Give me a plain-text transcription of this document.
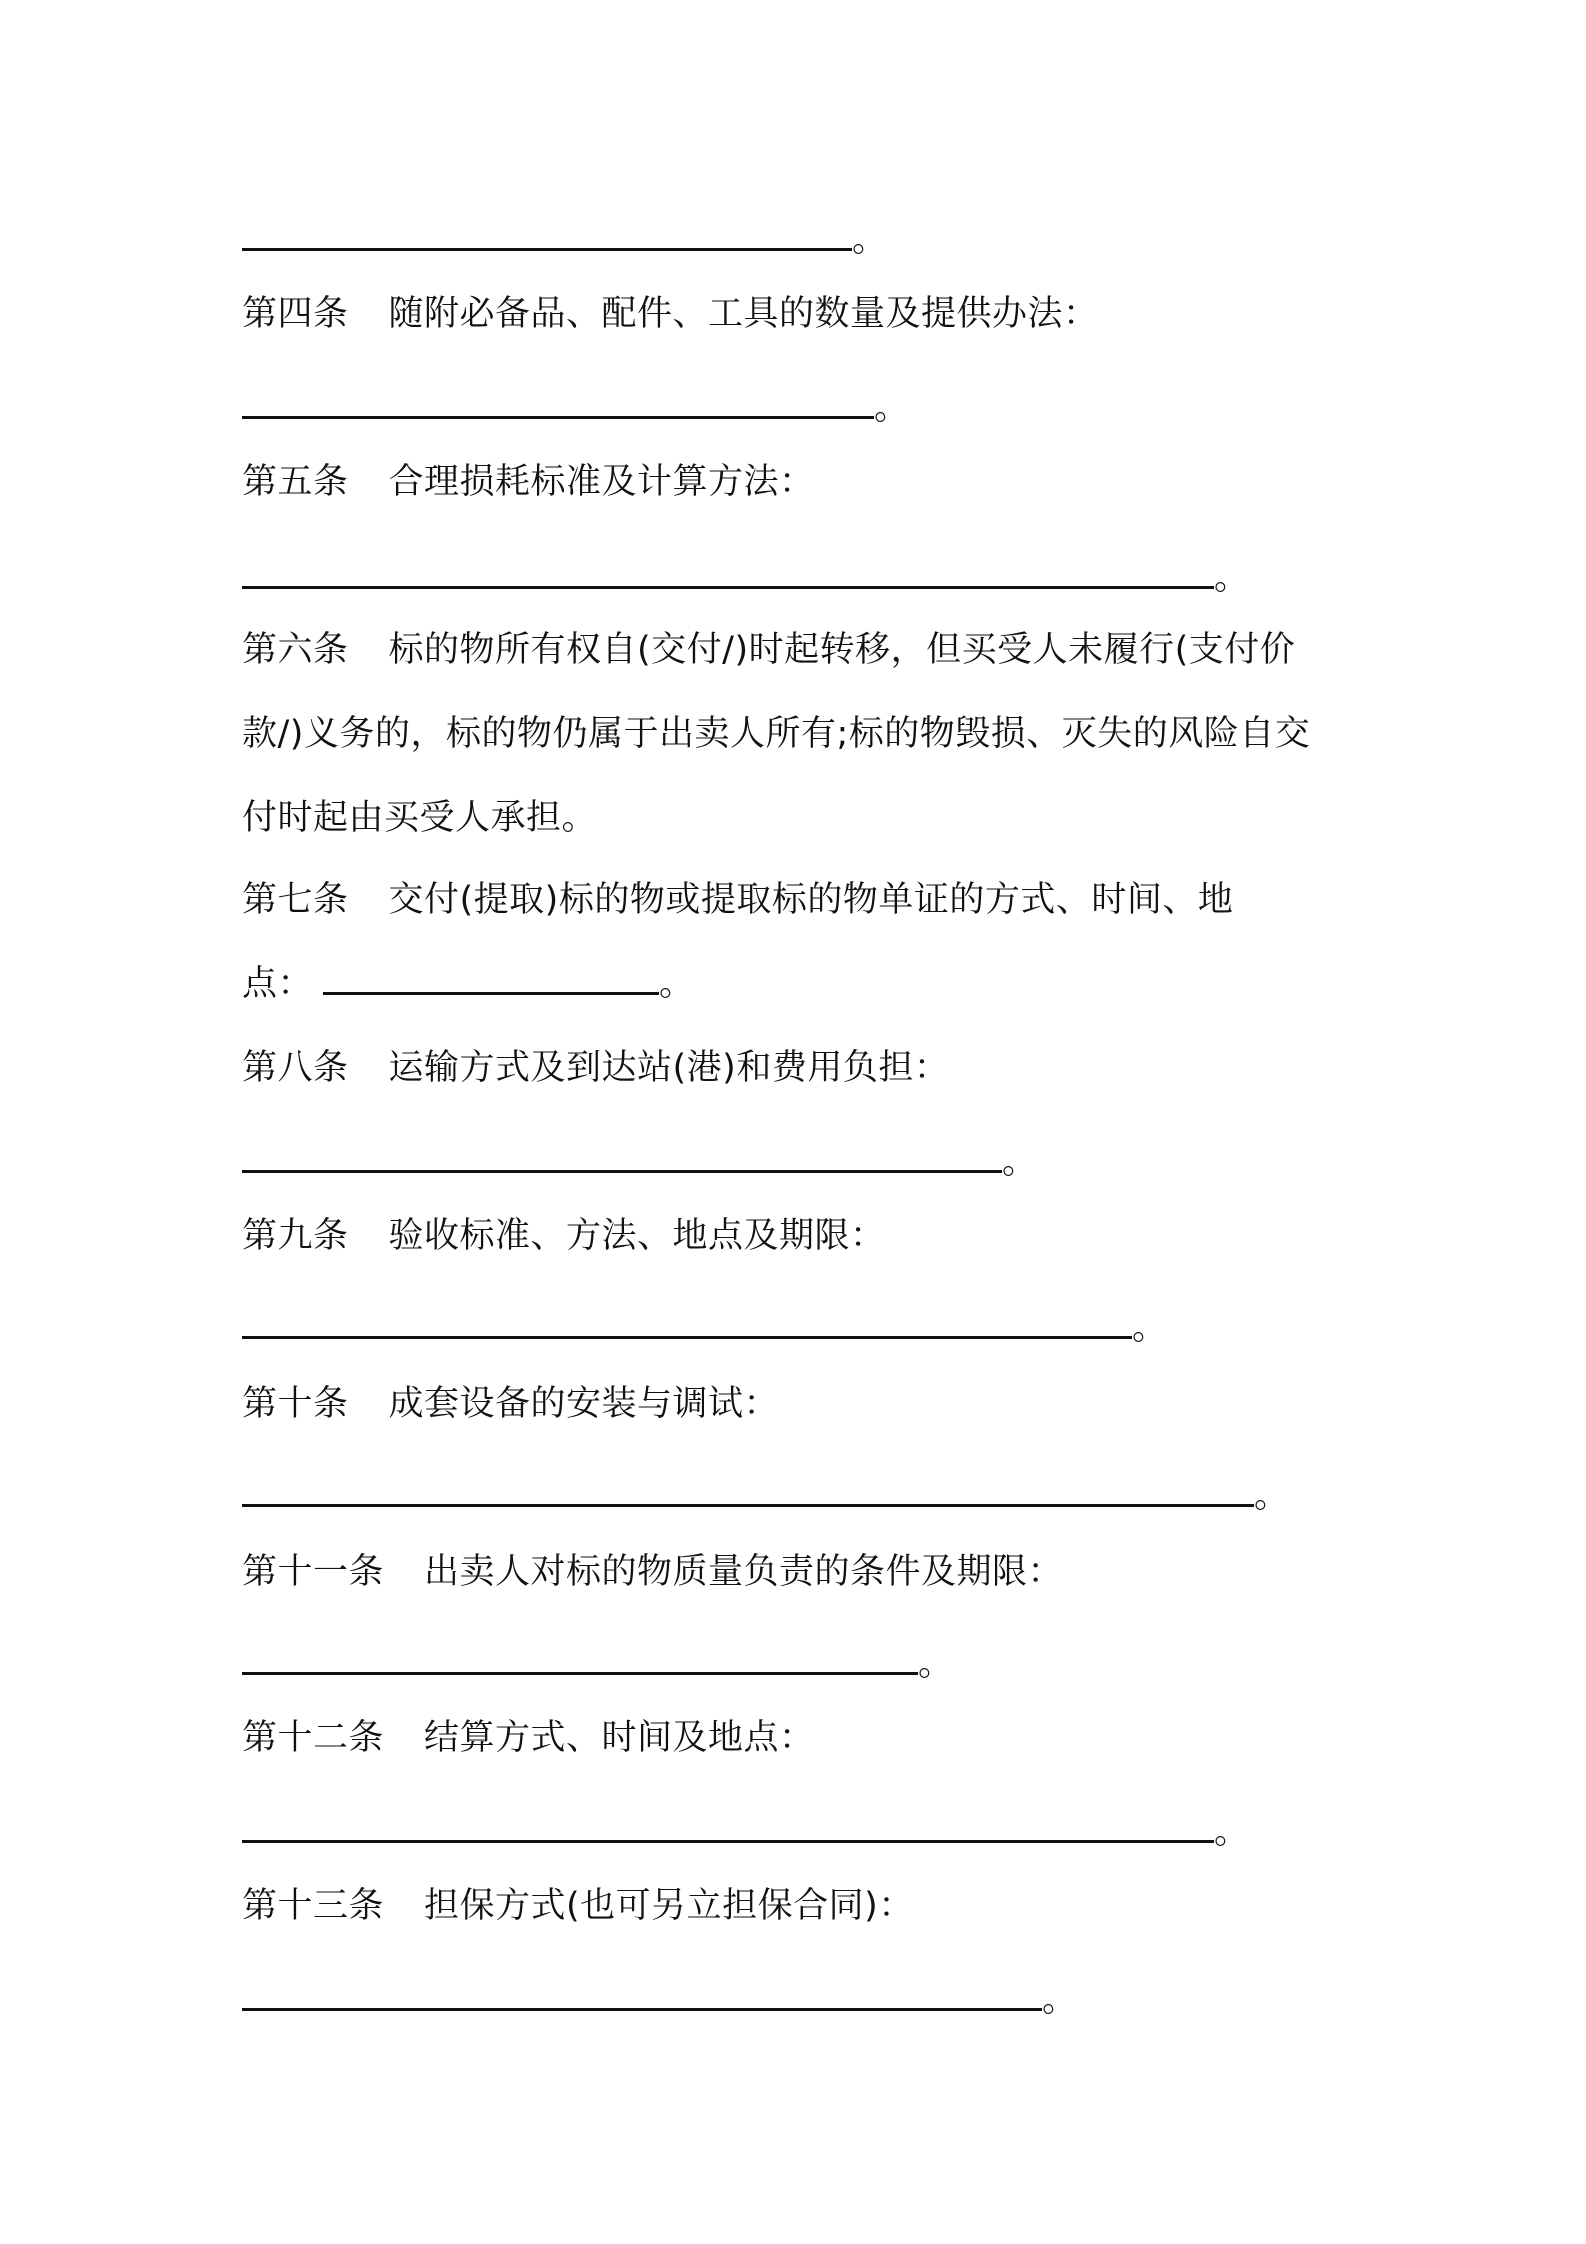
。
第四条 随附必备品、配件、工具的数量及提供办法：
。
第五条 合理损耗标准及计算方法：
。
第六条 标的物所有权自(交付/)时起转移，但买受人未履行(支付价
款/)义务的，标的物仍属于出卖人所有;标的物毁损、灭失的风险自交
付时起由买受人承担。
第七条 交付(提取)标的物或提取标的物单证的方式、时间、地
点：	。
第八条 运输方式及到达站(港)和费用负担：
。
第九条 验收标准、方法、地点及期限：
。
第十条 成套设备的安装与调试：
。
第十一条 出卖人对标的物质量负责的条件及期限：
。
第十二条 结算方式、时间及地点：
。
第十三条 担保方式(也可另立担保合同)：
。
